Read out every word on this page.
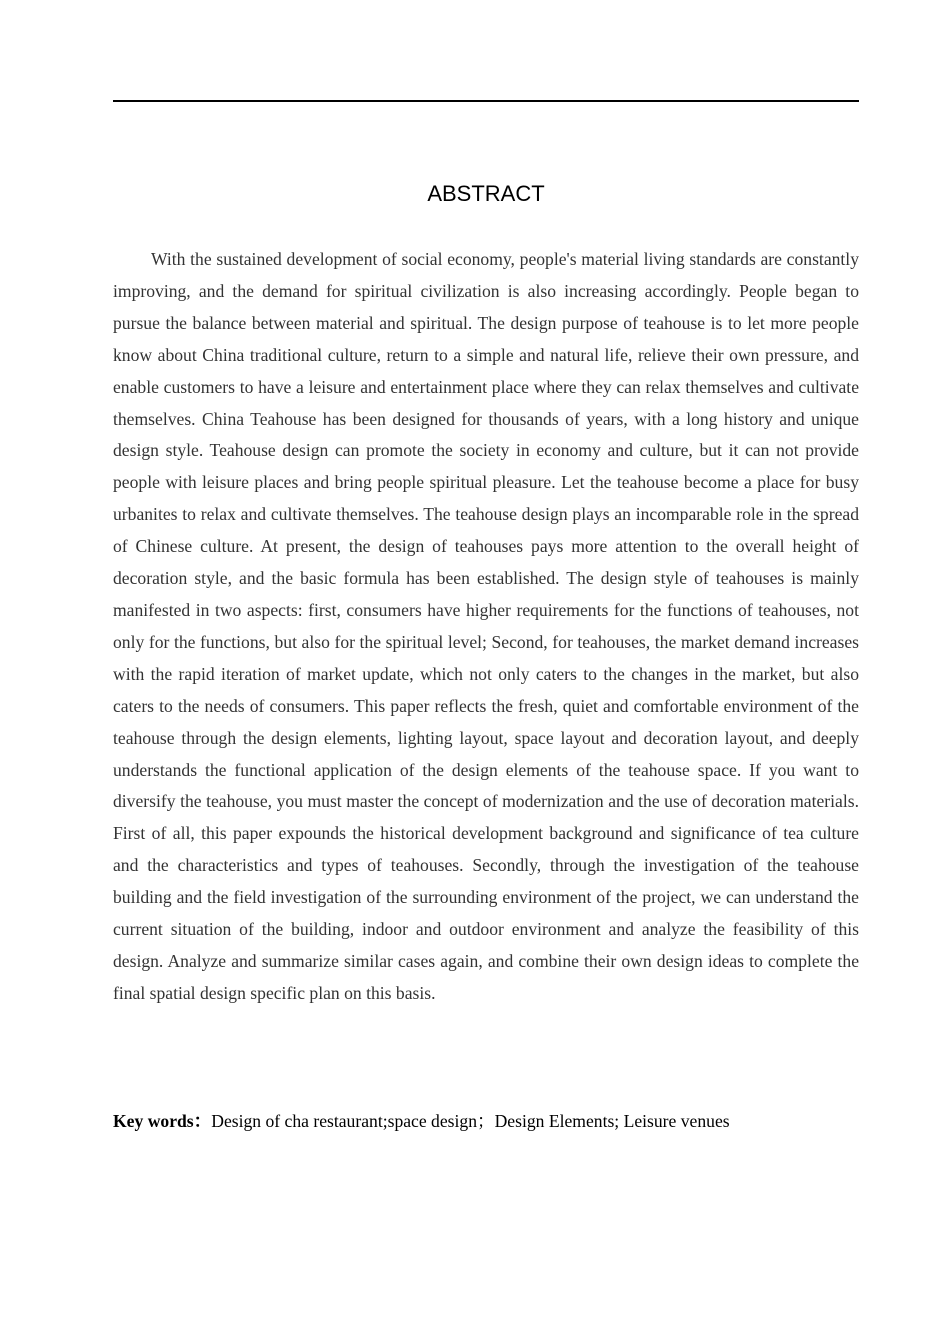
ABSTRACT

With the sustained development of social economy, people's material living standards are constantly improving, and the demand for spiritual civilization is also increasing accordingly. People began to pursue the balance between material and spiritual. The design purpose of teahouse is to let more people know about China traditional culture, return to a simple and natural life, relieve their own pressure, and enable customers to have a leisure and entertainment place where they can relax themselves and cultivate themselves. China Teahouse has been designed for thousands of years, with a long history and unique design style. Teahouse design can promote the society in economy and culture, but it can not provide people with leisure places and bring people spiritual pleasure. Let the teahouse become a place for busy urbanites to relax and cultivate themselves. The teahouse design plays an incomparable role in the spread of Chinese culture. At present, the design of teahouses pays more attention to the overall height of decoration style, and the basic formula has been established. The design style of teahouses is mainly manifested in two aspects: first, consumers have higher requirements for the functions of teahouses, not only for the functions, but also for the spiritual level; Second, for teahouses, the market demand increases with the rapid iteration of market update, which not only caters to the changes in the market, but also caters to the needs of consumers. This paper reflects the fresh, quiet and comfortable environment of the teahouse through the design elements, lighting layout, space layout and decoration layout, and deeply understands the functional application of the design elements of the teahouse space. If you want to diversify the teahouse, you must master the concept of modernization and the use of decoration materials. First of all, this paper expounds the historical development background and significance of tea culture and the characteristics and types of teahouses. Secondly, through the investigation of the teahouse building and the field investigation of the surrounding environment of the project, we can understand the current situation of the building, indoor and outdoor environment and analyze the feasibility of this design. Analyze and summarize similar cases again, and combine their own design ideas to complete the final spatial design specific plan on this basis.

Key words：Design of cha restaurant;space design；Design Elements; Leisure venues
